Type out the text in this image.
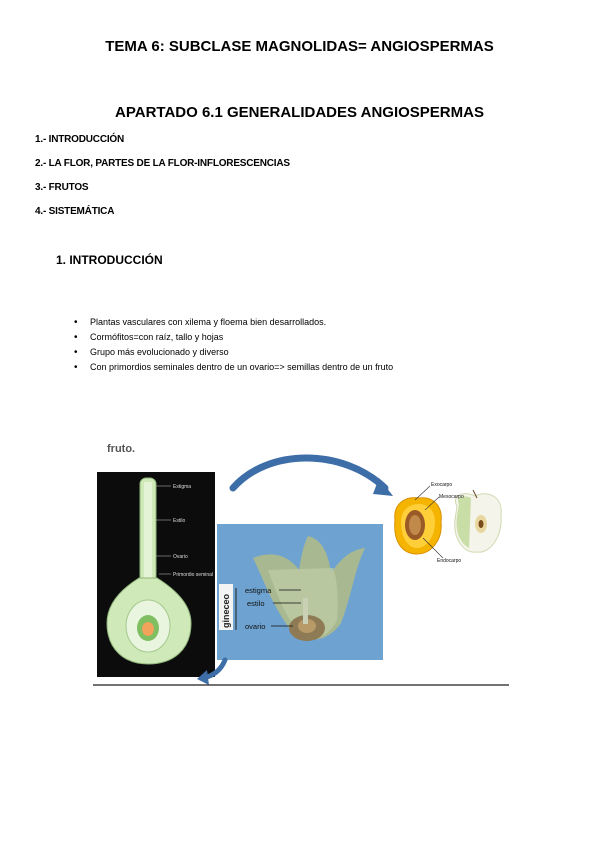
TEMA 6: SUBCLASE MAGNOLIDAS= ANGIOSPERMAS
APARTADO 6.1 GENERALIDADES ANGIOSPERMAS
1.- INTRODUCCIÓN
2.- LA FLOR, PARTES DE LA FLOR-INFLORESCENCIAS
3.- FRUTOS
4.- SISTEMÁTICA
1. INTRODUCCIÓN
• Plantas vasculares con xilema y floema bien desarrollados.
• Cormófitos=con raíz, tallo y hojas
• Grupo más evolucionado y diverso
• Con primordios seminales dentro de un ovario=> semillas dentro de un fruto
fruto.
Estigma
Estilo
Ovario
Primordio seminal
gineceo
estigma
estilo
ovario
Exocarpo
Mesocarpo
Endocarpo
